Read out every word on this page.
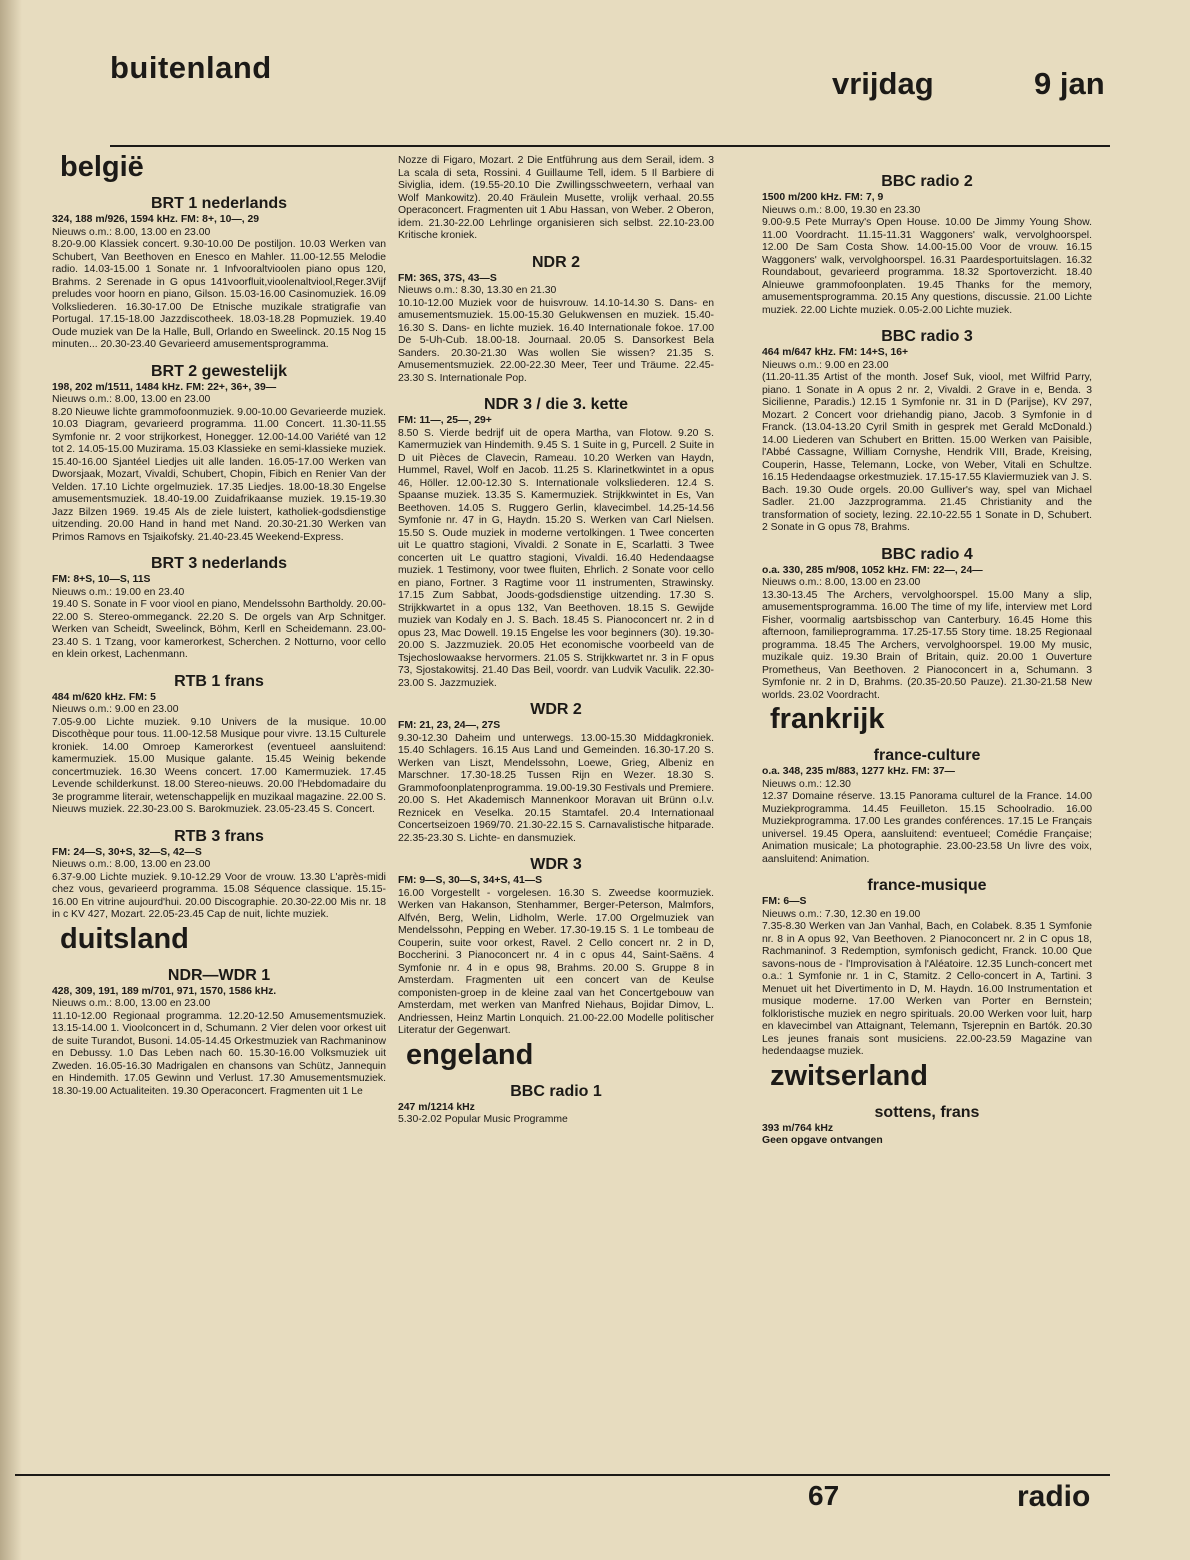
buitenland	vrijdag	9 jan
belgië
BRT 1 nederlands
324, 188 m/926, 1594 kHz. FM: 8+, 10—, 29
Nieuws o.m.: 8.00, 13.00 en 23.00

8.20-9.00 Klassiek concert. 9.30-10.00 De postiljon. 10.03 Werken van Schubert, Van Beethoven en Enesco en Mahler. 11.00-12.55 Melodie radio. 14.03-15.00 1 Sonate nr. 1 Infvooraltvioolen piano opus 120, Brahms. 2 Serenade in G opus 141voorfluit,vioolenaltviool,Reger.3Vijf preludes voor hoorn en piano, Gilson. 15.03-16.00 Casinomuziek. 16.09 Volksliederen. 16.30-17.00 De Etnische muzikale stratigrafie van Portugal. 17.15-18.00 Jazzdiscotheek. 18.03-18.28 Popmuziek. 19.40 Oude muziek van De la Halle, Bull, Orlando en Sweelinck. 20.15 Nog 15 minuten... 20.30-23.40 Gevarieerd amusementsprogramma.

BRT 2 gewestelijk
198, 202 m/1511, 1484 kHz. FM: 22+, 36+, 39—
Nieuws o.m.: 8.00, 13.00 en 23.00

8.20 Nieuwe lichte grammofoonmuziek. 9.00-10.00 Gevarieerde muziek. 10.03 Diagram, gevarieerd programma. 11.00 Concert. 11.30-11.55 Symfonie nr. 2 voor strijkorkest, Honegger. 12.00-14.00 Variété van 12 tot 2. 14.05-15.00 Muzirama. 15.03 Klassieke en semi-klassieke muziek. 15.40-16.00 Sjantéel Liedjes uit alle landen. 16.05-17.00 Werken van Dworsjaak, Mozart, Vivaldi, Schubert, Chopin, Fibich en Renier Van der Velden. 17.10 Lichte orgelmuziek. 17.35 Liedjes. 18.00-18.30 Engelse amusementsmuziek. 18.40-19.00 Zuidafrikaanse muziek. 19.15-19.30 Jazz Bilzen 1969. 19.45 Als de ziele luistert, katholiek-godsdienstige uitzending. 20.00 Hand in hand met Nand. 20.30-21.30 Werken van Primos Ramovs en Tsjaikofsky. 21.40-23.45 Weekend-Express.

BRT 3 nederlands
FM: 8+S, 10—S, 11S
Nieuws o.m.: 19.00 en 23.40

19.40 S. Sonate in F voor viool en piano, Mendelssohn Bartholdy. 20.00-22.00 S. Stereo-ommeganck. 22.20 S. De orgels van Arp Schnitger. Werken van Scheidt, Sweelinck, Böhm, Kerll en Scheidemann. 23.00-23.40 S. 1 Tzang, voor kamerorkest, Scherchen. 2 Notturno, voor cello en klein orkest, Lachenmann.

RTB 1 frans
484 m/620 kHz. FM: 5
Nieuws o.m.: 9.00 en 23.00

7.05-9.00 Lichte muziek. 9.10 Univers de la musique. 10.00 Discothèque pour tous. 11.00-12.58 Musique pour vivre. 13.15 Culturele kroniek. 14.00 Omroep Kamerorkest (eventueel aansluitend: kamermuziek. 15.00 Musique galante. 15.45 Weinig bekende concertmuziek. 16.30 Weens concert. 17.00 Kamermuziek. 17.45 Levende schilderkunst. 18.00 Stereo-nieuws. 20.00 l'Hebdomadaire du 3e programme literair, wetenschappelijk en muzikaal magazine. 22.00 S. Nieuws muziek. 22.30-23.00 S. Barokmuziek. 23.05-23.45 S. Concert.

RTB 3 frans
FM: 24—S, 30+S, 32—S, 42—S
Nieuws o.m.: 8.00, 13.00 en 23.00

6.37-9.00 Lichte muziek. 9.10-12.29 Voor de vrouw. 13.30 L'après-midi chez vous, gevarieerd programma. 15.08 Séquence classique. 15.15-16.00 En vitrine aujourd'hui. 20.00 Discographie. 20.30-22.00 Mis nr. 18 in c KV 427, Mozart. 22.05-23.45 Cap de nuit, lichte muziek.

duitsland
NDR—WDR 1
428, 309, 191, 189 m/701, 971, 1570, 1586 kHz.
Nieuws o.m.: 8.00, 13.00 en 23.00

11.10-12.00 Regionaal programma. 12.20-12.50 Amusementsmuziek. 13.15-14.00 1. Vioolconcert in d, Schumann. 2 Vier delen voor orkest uit de suite Turandot, Busoni. 14.05-14.45 Orkestmuziek van Rachmaninow en Debussy. 1.0 Das Leben nach 60. 15.30-16.00 Volksmuziek uit Zweden. 16.05-16.30 Madrigalen en chansons van Schütz, Jannequin en Hindemith. 17.05 Gewinn und Verlust. 17.30 Amusementsmuziek. 18.30-19.00 Actualiteiten. 19.30 Operaconcert. Fragmenten uit 1 Le

Nozze di Figaro, Mozart. 2 Die Entführung aus dem Serail, idem. 3 La scala di seta, Rossini. 4 Guillaume Tell, idem. 5 Il Barbiere di Siviglia, idem. (19.55-20.10 Die Zwillingsschweetern, verhaal van Wolf Mankowitz). 20.40 Fräulein Musette, vrolijk verhaal. 20.55 Operaconcert. Fragmenten uit 1 Abu Hassan, von Weber. 2 Oberon, idem. 21.30-22.00 Lehrlinge organisieren sich selbst. 22.10-23.00 Kritische kroniek.

NDR 2
FM: 36S, 37S, 43—S
Nieuws o.m.: 8.30, 13.30 en 21.30

10.10-12.00 Muziek voor de huisvrouw. 14.10-14.30 S. Dans- en amusementsmuziek. 15.00-15.30 Gelukwensen en muziek. 15.40-16.30 S. Dans- en lichte muziek. 16.40 Internationale fokoe. 17.00 De 5-Uh-Cub. 18.00-18. Journaal. 20.05 S. Dansorkest Bela Sanders. 20.30-21.30 Was wollen Sie wissen? 21.35 S. Amusementsmuziek. 22.00-22.30 Meer, Teer und Träume. 22.45-23.30 S. Internationale Pop.

NDR 3 / die 3. kette
FM: 11—, 25—, 29+

8.50 S. Vierde bedrijf uit de opera Martha, van Flotow. 9.20 S. Kamermuziek van Hindemith. 9.45 S. 1 Suite in g, Purcell. 2 Suite in D uit Pièces de Clavecin, Rameau. 10.20 Werken van Haydn, Hummel, Ravel, Wolf en Jacob. 11.25 S. Klarinetkwintet in a opus 46, Höller. 12.00-12.30 S. Internationale volksliederen. 12.4 S. Spaanse muziek. 13.35 S. Kamermuziek. Strijkkwintet in Es, Van Beethoven. 14.05 S. Ruggero Gerlin, klavecimbel. 14.25-14.56 Symfonie nr. 47 in G, Haydn. 15.20 S. Werken van Carl Nielsen. 15.50 S. Oude muziek in moderne vertolkingen. 1 Twee concerten uit Le quattro stagioni, Vivaldi. 2 Sonate in E, Scarlatti. 3 Twee concerten uit Le quattro stagioni, Vivaldi. 16.40 Hedendaagse muziek. 1 Testimony, voor twee fluiten, Ehrlich. 2 Sonate voor cello en piano, Fortner. 3 Ragtime voor 11 instrumenten, Strawinsky. 17.15 Zum Sabbat, Joods-godsdienstige uitzending. 17.30 S. Strijkkwartet in a opus 132, Van Beethoven. 18.15 S. Gewijde muziek van Kodaly en J. S. Bach. 18.45 S. Pianoconcert nr. 2 in d opus 23, Mac Dowell. 19.15 Engelse les voor beginners (30). 19.30-20.00 S. Jazzmuziek. 20.05 Het economische voorbeeld van de Tsjechoslowaakse hervormers. 21.05 S. Strijkkwartet nr. 3 in F opus 73, Sjostakowitsj. 21.40 Das Beil, voordr. van Ludvik Vaculik. 22.30-23.00 S. Jazzmuziek.

WDR 2
FM: 21, 23, 24—, 27S

9.30-12.30 Daheim und unterwegs. 13.00-15.30 Middagkroniek. 15.40 Schlagers. 16.15 Aus Land und Gemeinden. 16.30-17.20 S. Werken van Liszt, Mendelssohn, Loewe, Grieg, Albeniz en Marschner. 17.30-18.25 Tussen Rijn en Wezer. 18.30 S. Grammofoonplatenprogramma. 19.00-19.30 Festivals und Premiere. 20.00 S. Het Akademisch Mannenkoor Moravan uit Brünn o.l.v. Reznicek en Veselka. 20.15 Stamtafel. 20.4 Internationaal Concertseizoen 1969/70. 21.30-22.15 S. Carnavalistische hitparade. 22.35-23.30 S. Lichte- en dansmuziek.

WDR 3
FM: 9—S, 30—S, 34+S, 41—S

16.00 Vorgestellt - vorgelesen. 16.30 S. Zweedse koormuziek. Werken van Hakanson, Stenhammer, Berger-Peterson, Malmfors, Alfvén, Berg, Welin, Lidholm, Werle. 17.00 Orgelmuziek van Mendelssohn, Pepping en Weber. 17.30-19.15 S. 1 Le tombeau de Couperin, suite voor orkest, Ravel. 2 Cello concert nr. 2 in D, Boccherini. 3 Pianoconcert nr. 4 in c opus 44, Saint-Saëns. 4 Symfonie nr. 4 in e opus 98, Brahms. 20.00 S. Gruppe 8 in Amsterdam. Fragmenten uit een concert van de Keulse componisten-groep in de kleine zaal van het Concertgebouw van Amsterdam, met werken van Manfred Niehaus, Bojidar Dimov, L. Andriessen, Heinz Martin Lonquich. 21.00-22.00 Modelle politischer Literatur der Gegenwart.

engeland
BBC radio 1
247 m/1214 kHz

5.30-2.02 Popular Music Programme

BBC radio 2
1500 m/200 kHz. FM: 7, 9
Nieuws o.m.: 8.00, 19.30 en 23.30

9.00-9.5 Pete Murray's Open House. 10.00 De Jimmy Young Show. 11.00 Voordracht. 11.15-11.31 Waggoners' walk, vervolghoorspel. 12.00 De Sam Costa Show. 14.00-15.00 Voor de vrouw. 16.15 Waggoners' walk, vervolghoorspel. 16.31 Paardesportuitslagen. 16.32 Roundabout, gevarieerd programma. 18.32 Sportoverzicht. 18.40 Alnieuwe grammofoonplaten. 19.45 Thanks for the memory, amusementsprogramma. 20.15 Any questions, discussie. 21.00 Lichte muziek. 22.00 Lichte muziek. 0.05-2.00 Lichte muziek.

BBC radio 3
464 m/647 kHz. FM: 14+S, 16+
Nieuws o.m.: 9.00 en 23.00

(11.20-11.35 Artist of the month. Josef Suk, viool, met Wilfrid Parry, piano. 1 Sonate in A opus 2 nr. 2, Vivaldi. 2 Grave in e, Benda. 3 Sicilienne, Paradis.) 12.15 1 Symfonie nr. 31 in D (Parijse), KV 297, Mozart. 2 Concert voor driehandig piano, Jacob. 3 Symfonie in d Franck. (13.04-13.20 Cyril Smith in gesprek met Gerald McDonald.) 14.00 Liederen van Schubert en Britten. 15.00 Werken van Paisible, l'Abbé Cassagne, William Cornyshe, Hendrik VIII, Brade, Kreising, Couperin, Hasse, Telemann, Locke, von Weber, Vitali en Schultze. 16.15 Hedendaagse orkestmuziek. 17.15-17.55 Klaviermuziek van J. S. Bach. 19.30 Oude orgels. 20.00 Gulliver's way, spel van Michael Sadler. 21.00 Jazzprogramma. 21.45 Christianity and the transformation of society, lezing. 22.10-22.55 1 Sonate in D, Schubert. 2 Sonate in G opus 78, Brahms.

BBC radio 4
o.a. 330, 285 m/908, 1052 kHz. FM: 22—, 24—
Nieuws o.m.: 8.00, 13.00 en 23.00

13.30-13.45 The Archers, vervolghoorspel. 15.00 Many a slip, amusementsprogramma. 16.00 The time of my life, interview met Lord Fisher, voormalig aartsbisschop van Canterbury. 16.45 Home this afternoon, familieprogramma. 17.25-17.55 Story time. 18.25 Regionaal programma. 18.45 The Archers, vervolghoorspel. 19.00 My music, muzikale quiz. 19.30 Brain of Britain, quiz. 20.00 1 Ouverture Prometheus, Van Beethoven. 2 Pianoconcert in a, Schumann. 3 Symfonie nr. 2 in D, Brahms. (20.35-20.50 Pauze). 21.30-21.58 New worlds. 23.02 Voordracht.

frankrijk
france-culture
o.a. 348, 235 m/883, 1277 kHz. FM: 37—
Nieuws o.m.: 12.30

12.37 Domaine réserve. 13.15 Panorama culturel de la France. 14.00 Muziekprogramma. 14.45 Feuilleton. 15.15 Schoolradio. 16.00 Muziekprogramma. 17.00 Les grandes conférences. 17.15 Le Français universel. 19.45 Opera, aansluitend: eventueel; Comédie Française; Animation musicale; La photographie. 23.00-23.58 Un livre des voix, aansluitend: Animation.

france-musique
FM: 6—S
Nieuws o.m.: 7.30, 12.30 en 19.00

7.35-8.30 Werken van Jan Vanhal, Bach, en Colabek. 8.35 1 Symfonie nr. 8 in A opus 92, Van Beethoven. 2 Pianoconcert nr. 2 in C opus 18, Rachmaninof. 3 Redemption, symfonisch gedicht, Franck. 10.00 Que savons-nous de - l'Improvisation à l'Aléatoire. 12.35 Lunch-concert met o.a.: 1 Symfonie nr. 1 in C, Stamitz. 2 Cello-concert in A, Tartini. 3 Menuet uit het Divertimento in D, M. Haydn. 16.00 Instrumentation et musique moderne. 17.00 Werken van Porter en Bernstein; folkloristische muziek en negro spirituals. 20.00 Werken voor luit, harp en klavecimbel van Attaignant, Telemann, Tsjerepnin en Bartók. 20.30 Les jeunes franais sont musiciens. 22.00-23.59 Magazine van hedendaagse muziek.

zwitserland
sottens, frans
393 m/764 kHz
Geen opgave ontvangen
67	radio
